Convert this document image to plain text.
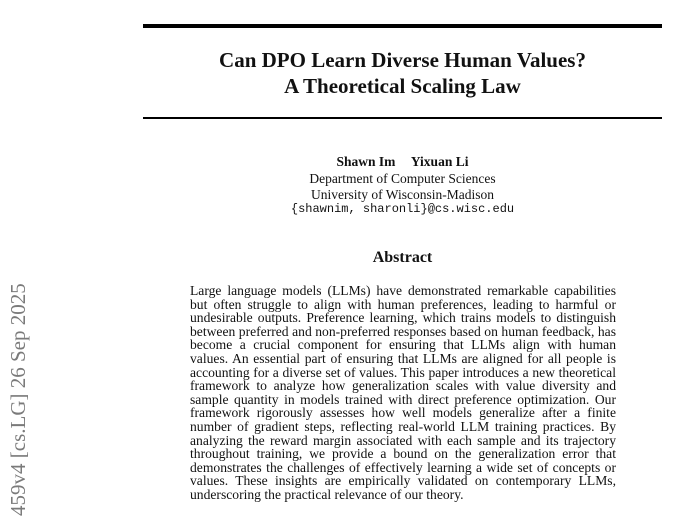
Can DPO Learn Diverse Human Values?
A Theoretical Scaling Law
Shawn Im Yixuan Li
Department of Computer Sciences
University of Wisconsin-Madison
{shawnim, sharonli}@cs.wisc.edu
Abstract

Large language models (LLMs) have demonstrated remarkable capabilities but often struggle to align with human preferences, leading to harmful or undesirable outputs. Preference learning, which trains models to distinguish between preferred and non-preferred responses based on human feedback, has become a crucial component for ensuring that LLMs align with human values. An essential part of ensuring that LLMs are aligned for all people is accounting for a diverse set of values. This paper introduces a new theoretical framework to analyze how generalization scales with value diversity and sample quantity in models trained with direct preference optimization. Our framework rigorously assesses how well models generalize after a finite number of gradient steps, reflecting real-world LLM training practices. By analyzing the reward margin associated with each sample and its trajectory throughout training, we provide a bound on the generalization error that demonstrates the challenges of effectively learning a wide set of concepts or values. These insights are empirically validated on contemporary LLMs, underscoring the practical relevance of our theory.

459v4 [cs.LG] 26 Sep 2025
